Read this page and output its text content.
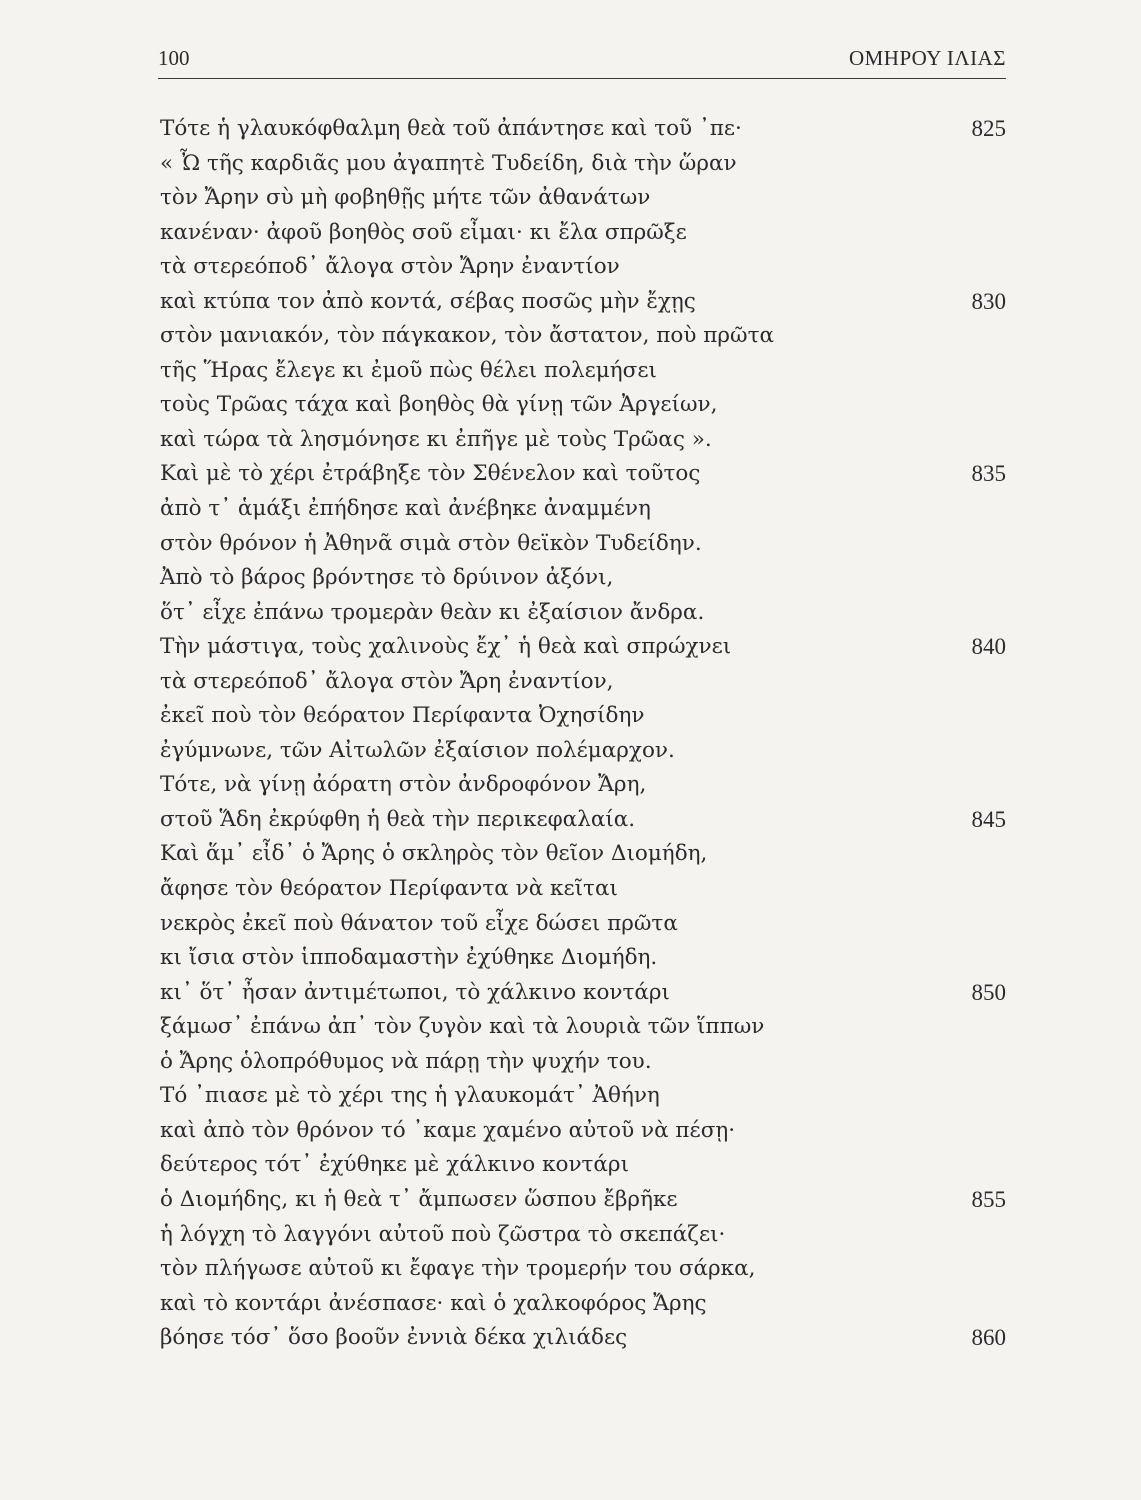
100	ΟΜΗΡΟΥ ΙΛΙΑΣ
Τότε ἡ γλαυκόφθαλμη θεὰ τοῦ ἀπάντησε καὶ τοῦ ᾽πε·	825
« Ὦ τῆς καρδιᾶς μου ἀγαπητὲ Τυδείδη, διὰ τὴν ὥραν
τὸν Ἄρην σὺ μὴ φοβηθῇς μήτε τῶν ἀθανάτων
κανέναν· ἀφοῦ βοηθὸς σοῦ εἶμαι· κι ἔλα σπρῶξε
τὰ στερεόποδ᾽ ἄλογα στὸν Ἄρην ἐναντίον
καὶ κτύπα τον ἀπὸ κοντά, σέβας ποσῶς μὴν ἔχῃς	830
στὸν μανιακόν, τὸν πάγκακον, τὸν ἄστατον, ποὺ πρῶτα
τῆς Ἥρας ἔλεγε κι ἐμοῦ πὼς θέλει πολεμήσει
τοὺς Τρῶας τάχα καὶ βοηθὸς θὰ γίνῃ τῶν Ἀργείων,
καὶ τώρα τὰ λησμόνησε κι ἐπῆγε μὲ τοὺς Τρῶας ».
Καὶ μὲ τὸ χέρι ἐτράβηξε τὸν Σθένελον καὶ τοῦτος	835
ἀπὸ τ᾽ ἁμάξι ἐπήδησε καὶ ἀνέβηκε ἀναμμένη
στὸν θρόνον ἡ Ἀθηνᾶ σιμὰ στὸν θεϊκὸν Τυδείδην.
Ἀπὸ τὸ βάρος βρόντησε τὸ δρύινον ἀξόνι,
ὅτ᾽ εἶχε ἐπάνω τρομερὰν θεὰν κι ἐξαίσιον ἄνδρα.
Τὴν μάστιγα, τοὺς χαλινοὺς ἔχ᾽ ἡ θεὰ καὶ σπρώχνει	840
τὰ στερεόποδ᾽ ἄλογα στὸν Ἄρη ἐναντίον,
ἐκεῖ ποὺ τὸν θεόρατον Περίφαντα Ὀχησίδην
ἐγύμνωνε, τῶν Αἰτωλῶν ἐξαίσιον πολέμαρχον.
Τότε, νὰ γίνῃ ἀόρατη στὸν ἀνδροφόνον Ἄρη,
στοῦ Ἅδη ἐκρύφθη ἡ θεὰ τὴν περικεφαλαία.	845
Καὶ ἅμ᾽ εἶδ᾽ ὁ Ἄρης ὁ σκληρὸς τὸν θεῖον Διομήδη,
ἄφησε τὸν θεόρατον Περίφαντα νὰ κεῖται
νεκρὸς ἐκεῖ ποὺ θάνατον τοῦ εἶχε δώσει πρῶτα
κι ἴσια στὸν ἱπποδαμαστὴν ἐχύθηκε Διομήδη.
κι᾽ ὅτ᾽ ἦσαν ἀντιμέτωποι, τὸ χάλκινο κοντάρι	850
ξάμωσ᾽ ἐπάνω ἀπ᾽ τὸν ζυγὸν καὶ τὰ λουριὰ τῶν ἵππων
ὁ Ἄρης ὁλοπρόθυμος νὰ πάρῃ τὴν ψυχήν του.
Τό ᾽πιασε μὲ τὸ χέρι της ἡ γλαυκομάτ᾽ Ἀθήνη
καὶ ἀπὸ τὸν θρόνον τό ᾽καμε χαμένο αὐτοῦ νὰ πέσῃ·
δεύτερος τότ᾽ ἐχύθηκε μὲ χάλκινο κοντάρι
ὁ Διομήδης, κι ἡ θεὰ τ᾽ ἄμπωσεν ὥσπου ἔβρῆκε	855
ἡ λόγχη τὸ λαγγόνι αὐτοῦ ποὺ ζῶστρα τὸ σκεπάζει·
τὸν πλήγωσε αὐτοῦ κι ἔφαγε τὴν τρομερήν του σάρκα,
καὶ τὸ κοντάρι ἀνέσπασε· καὶ ὁ χαλκοφόρος Ἄρης
βόησε τόσ᾽ ὅσο βοοῦν ἐννιὰ δέκα χιλιάδες	860
